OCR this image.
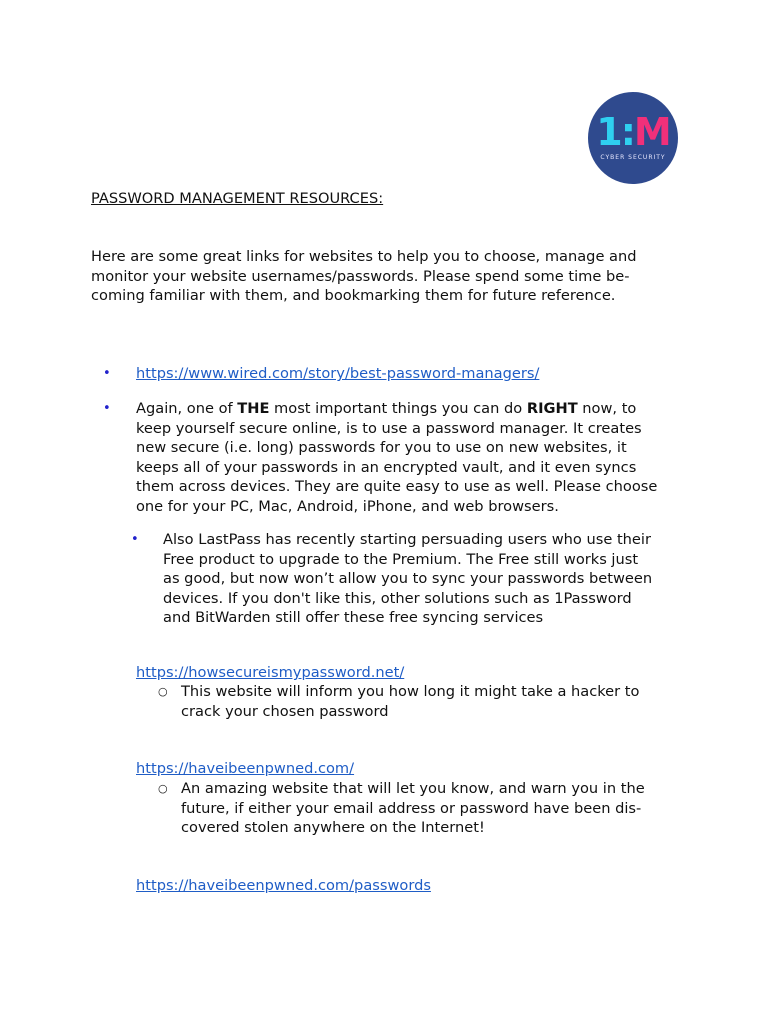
1:M
CYBER SECURITY
PASSWORD MANAGEMENT RESOURCES:
Here are some great links for websites to help you to choose, manage and
monitor your website usernames/passwords. Please spend some time be-
coming familiar with them, and bookmarking them for future reference.
• https://www.wired.com/story/best-password-managers/
• Again, one of THE most important things you can do RIGHT now, to
keep yourself secure online, is to use a password manager. It creates
new secure (i.e. long) passwords for you to use on new websites, it
keeps all of your passwords in an encrypted vault, and it even syncs
them across devices. They are quite easy to use as well. Please choose
one for your PC, Mac, Android, iPhone, and web browsers.
• Also LastPass has recently starting persuading users who use their
Free product to upgrade to the Premium. The Free still works just
as good, but now won’t allow you to sync your passwords between
devices. If you don't like this, other solutions such as 1Password
and BitWarden still offer these free syncing services
https://howsecureismypassword.net/
○ This website will inform you how long it might take a hacker to
crack your chosen password
https://haveibeenpwned.com/
○ An amazing website that will let you know, and warn you in the
future, if either your email address or password have been dis-
covered stolen anywhere on the Internet!
https://haveibeenpwned.com/passwords
